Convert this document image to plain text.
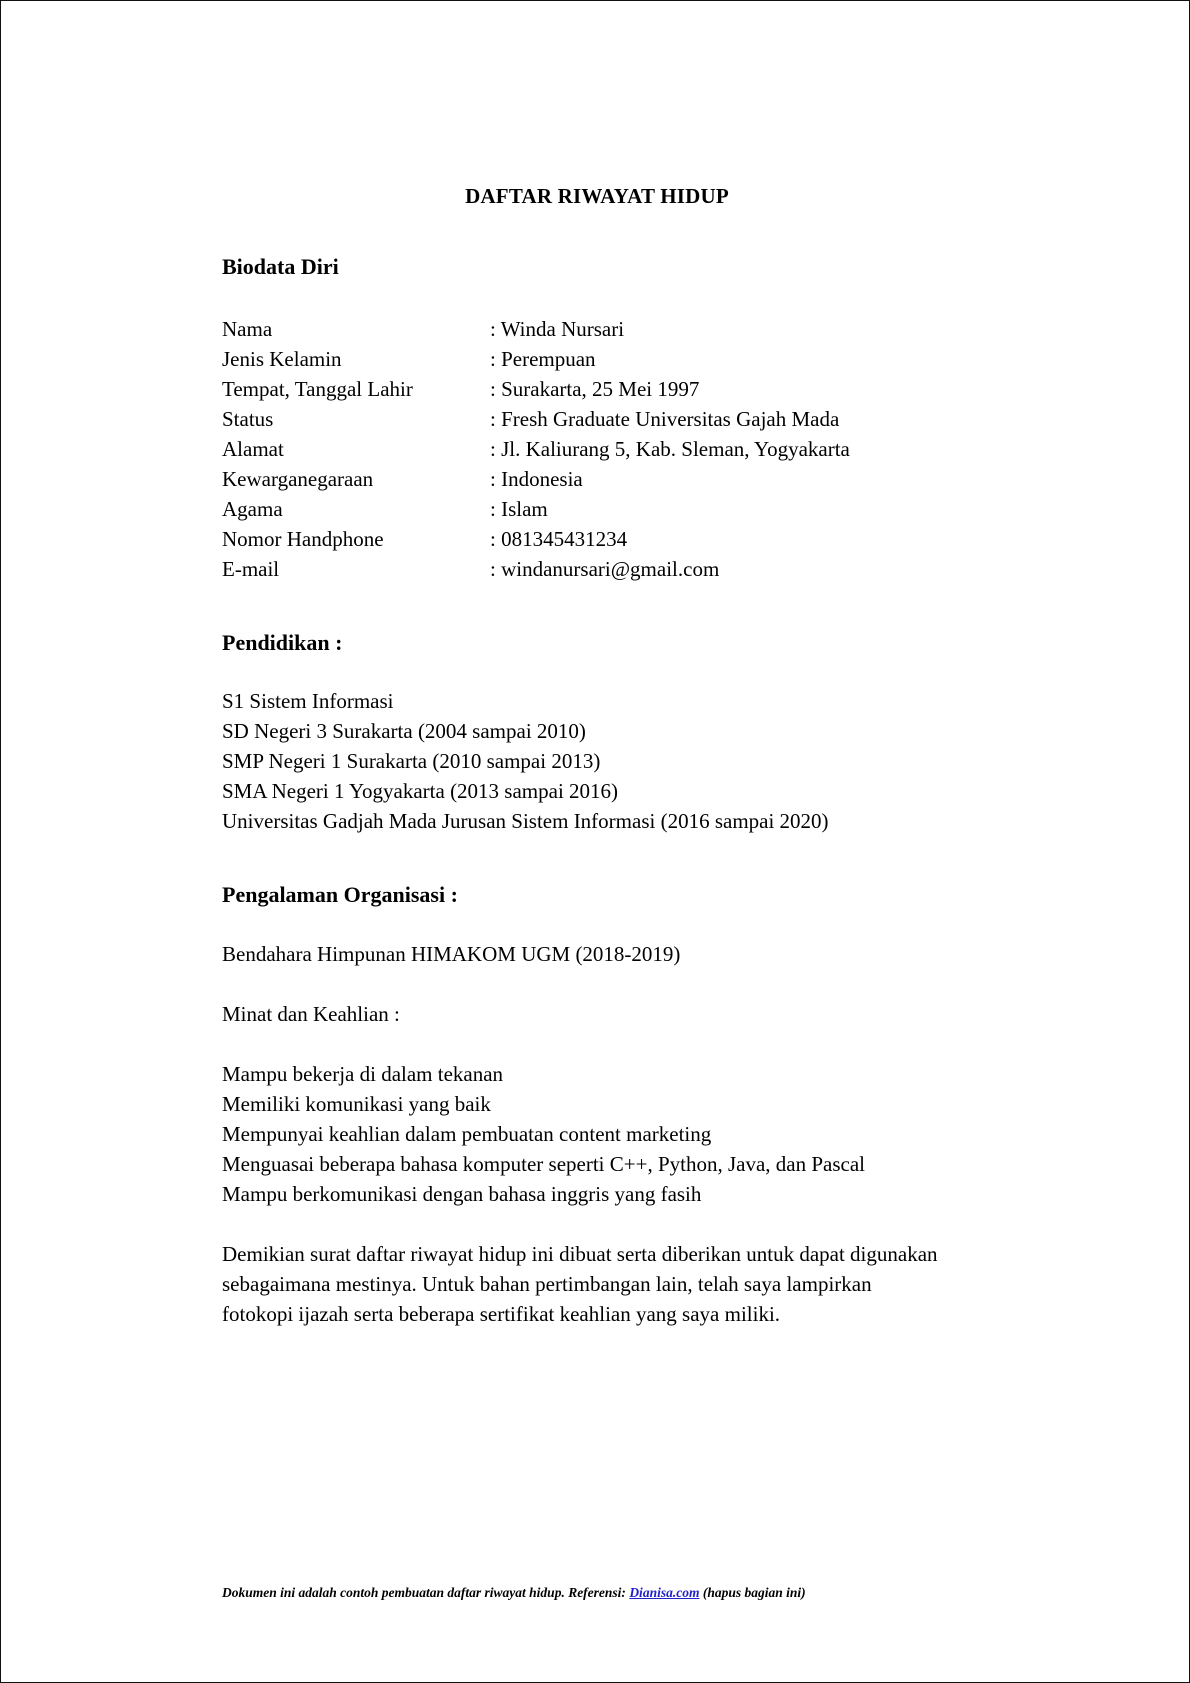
DAFTAR RIWAYAT HIDUP
Biodata Diri
Nama	: Winda Nursari
Jenis Kelamin	: Perempuan
Tempat, Tanggal Lahir	: Surakarta, 25 Mei 1997
Status	: Fresh Graduate Universitas Gajah Mada
Alamat	: Jl. Kaliurang 5, Kab. Sleman, Yogyakarta
Kewarganegaraan	: Indonesia
Agama	: Islam
Nomor Handphone	: 081345431234
E-mail	: windanursari@gmail.com
Pendidikan :
S1 Sistem Informasi
SD Negeri 3 Surakarta (2004 sampai 2010)
SMP Negeri 1 Surakarta (2010 sampai 2013)
SMA Negeri 1 Yogyakarta (2013 sampai 2016)
Universitas Gadjah Mada Jurusan Sistem Informasi (2016 sampai 2020)
Pengalaman Organisasi :
Bendahara Himpunan HIMAKOM UGM (2018-2019)
Minat dan Keahlian :
Mampu bekerja di dalam tekanan
Memiliki komunikasi yang baik
Mempunyai keahlian dalam pembuatan content marketing
Menguasai beberapa bahasa komputer seperti C++, Python, Java, dan Pascal
Mampu berkomunikasi dengan bahasa inggris yang fasih
Demikian surat daftar riwayat hidup ini dibuat serta diberikan untuk dapat digunakan sebagaimana mestinya. Untuk bahan pertimbangan lain, telah saya lampirkan fotokopi ijazah serta beberapa sertifikat keahlian yang saya miliki.
Dokumen ini adalah contoh pembuatan daftar riwayat hidup. Referensi: Dianisa.com (hapus bagian ini)
